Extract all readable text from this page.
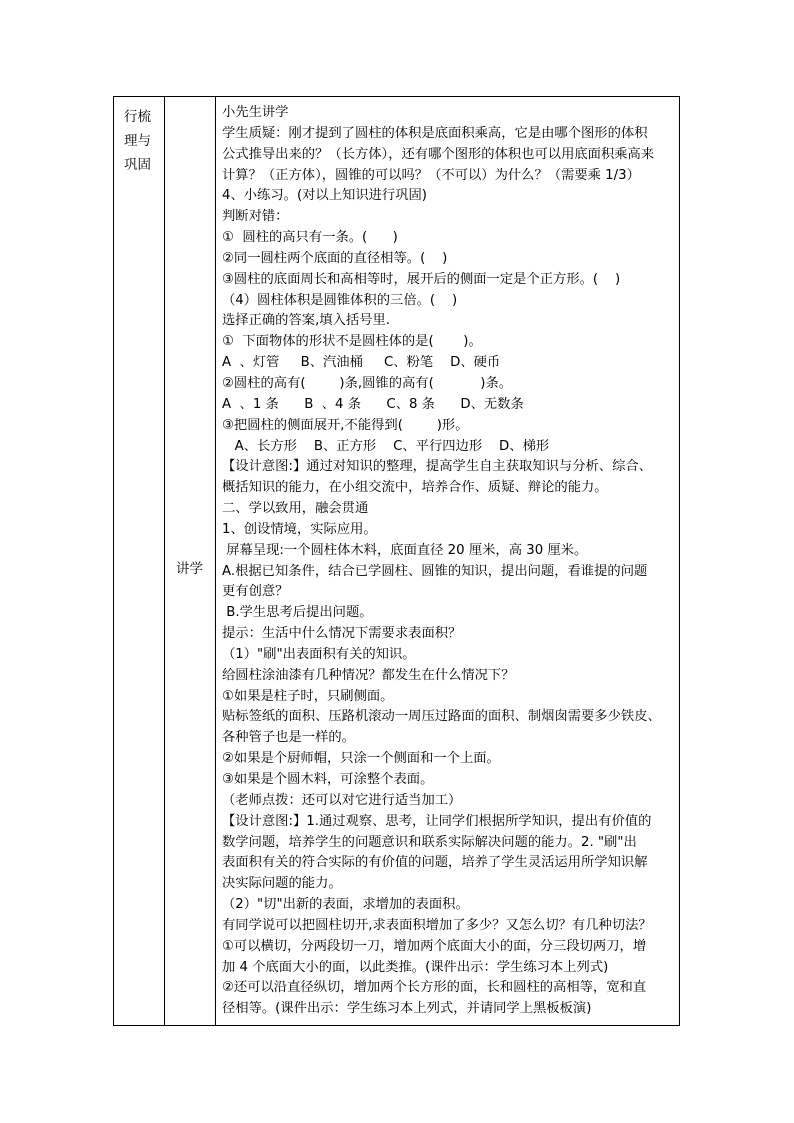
行梳
理与
巩固
讲学
小先生讲学
学生质疑：刚才提到了圆柱的体积是底面积乘高，它是由哪个图形的体积
公式推导出来的？（长方体），还有哪个图形的体积也可以用底面积乘高来
计算？（正方体），圆锥的可以吗？（不可以）为什么？（需要乘 1/3）
4、小练习。(对以上知识进行巩固)
判断对错：
①  圆柱的高只有一条。(      )
②同一圆柱两个底面的直径相等。(    )
③圆柱的底面周长和高相等时，展开后的侧面一定是个正方形。(    )
（4）圆柱体积是圆锥体积的三倍。(    )
选择正确的答案,填入括号里.
①  下面物体的形状不是圆柱体的是(       )。
A  、灯管     B、汽油桶     C、粉笔    D、硬币
②圆柱的高有(        )条,圆锥的高有(           )条。
A  、1 条      B  、4 条      C、8 条      D、无数条
③把圆柱的侧面展开,不能得到(        )形。
A、长方形    B、正方形    C、平行四边形    D、梯形
【设计意图:】通过对知识的整理，提高学生自主获取知识与分析、综合、
概括知识的能力，在小组交流中，培养合作、质疑、辩论的能力。
二、学以致用，融会贯通
1、创设情境，实际应用。
屏幕呈现:一个圆柱体木料，底面直径 20 厘米，高 30 厘米。
A.根据已知条件，结合已学圆柱、圆锥的知识，提出问题，看谁提的问题
更有创意？
B.学生思考后提出问题。
提示：生活中什么情况下需要求表面积？
（1）"刷"出表面积有关的知识。
给圆柱涂油漆有几种情况？都发生在什么情况下？
①如果是柱子时，只刷侧面。
贴标签纸的面积、压路机滚动一周压过路面的面积、制烟囱需要多少铁皮、
各种管子也是一样的。
②如果是个厨师帽，只涂一个侧面和一个上面。
③如果是个圆木料，可涂整个表面。
（老师点拨：还可以对它进行适当加工）
【设计意图:】1.通过观察、思考，让同学们根据所学知识，提出有价值的
数学问题，培养学生的问题意识和联系实际解决问题的能力。2. "刷"出
表面积有关的符合实际的有价值的问题，培养了学生灵活运用所学知识解
决实际问题的能力。
（2）"切"出新的表面，求增加的表面积。
有同学说可以把圆柱切开,求表面积增加了多少？又怎么切？有几种切法？
①可以横切，分两段切一刀，增加两个底面大小的面，分三段切两刀，增
加 4 个底面大小的面，以此类推。(课件出示：学生练习本上列式)
②还可以沿直径纵切，增加两个长方形的面，长和圆柱的高相等，宽和直
径相等。(课件出示：学生练习本上列式，并请同学上黑板板演)
